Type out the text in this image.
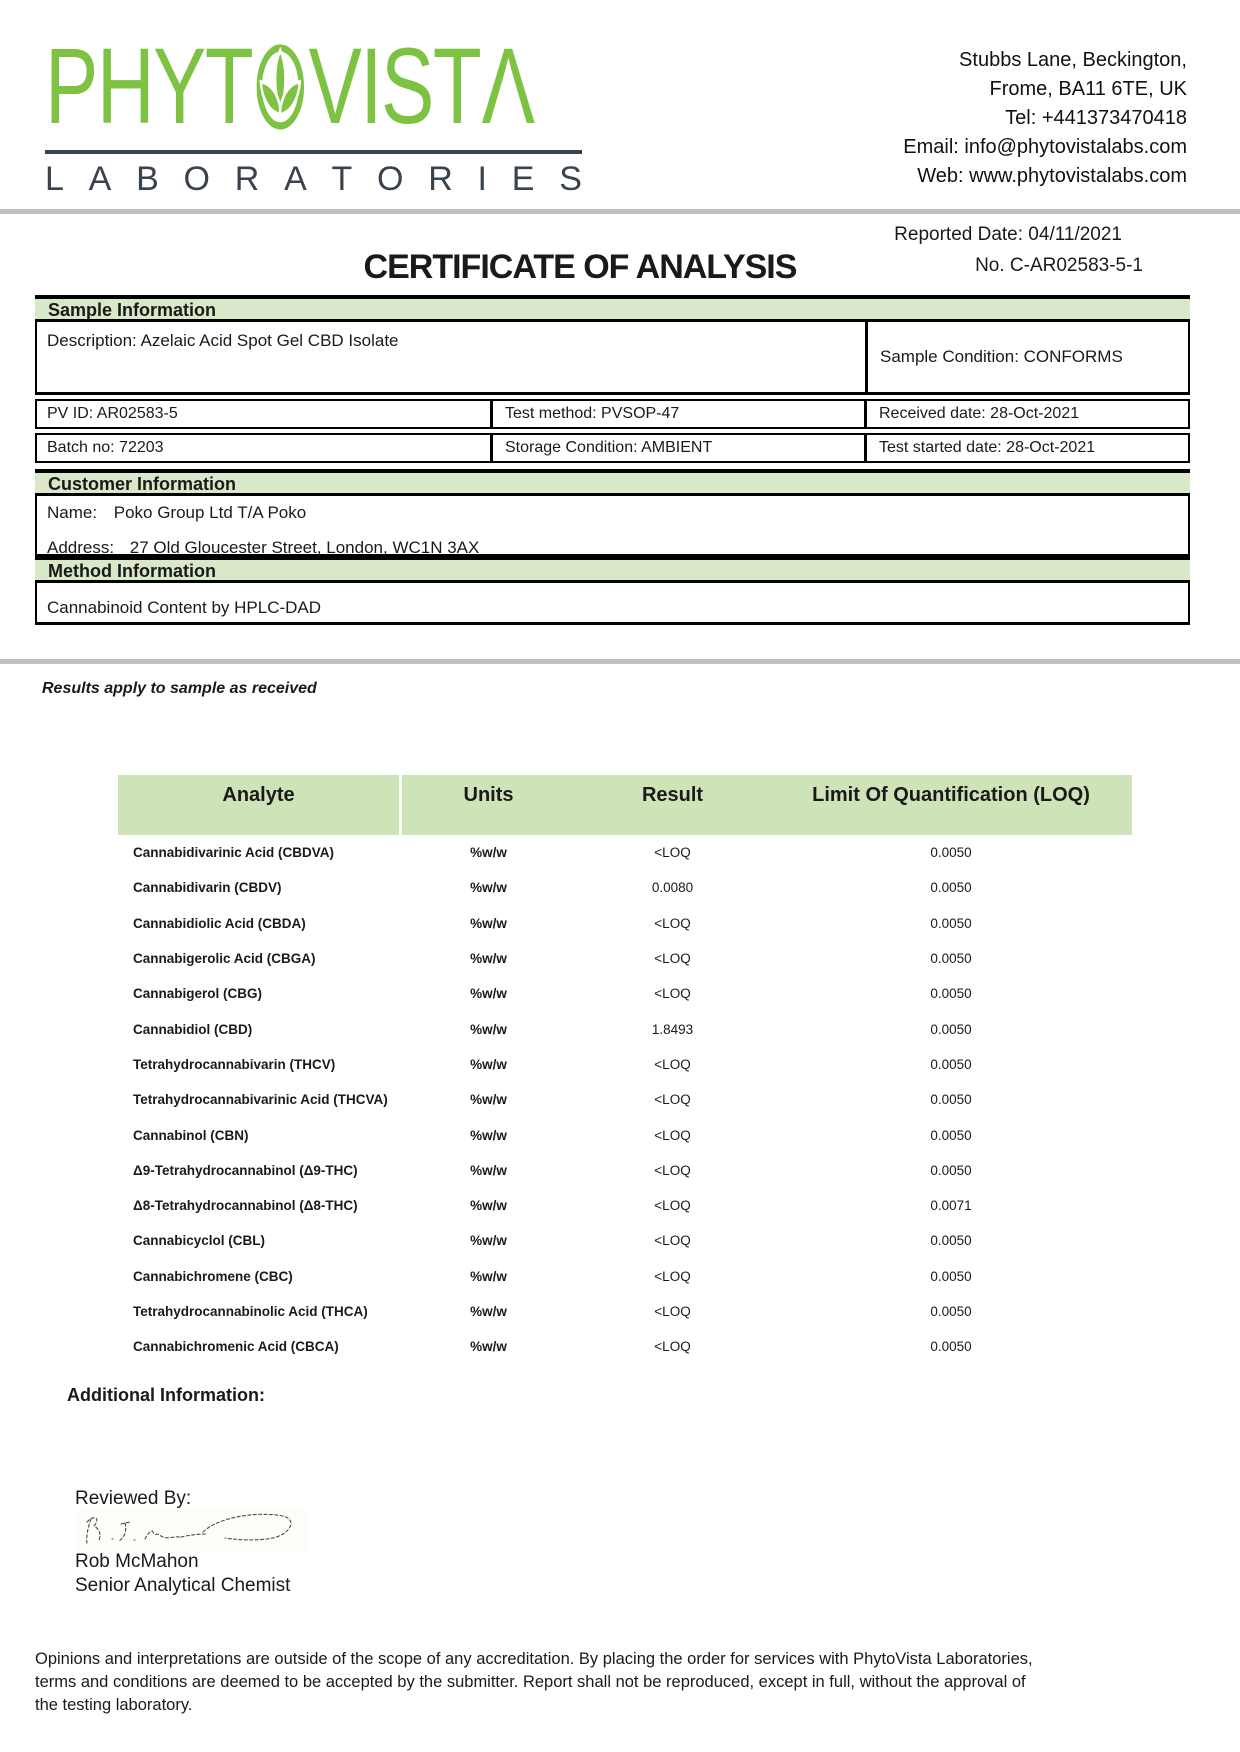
PHYT VIST Λ
L A B O R A T O R I E S
Stubbs Lane, Beckington,
Frome, BA11 6TE, UK
Tel: +441373470418
Email: info@phytovistalabs.com
Web: www.phytovistalabs.com
Reported Date: 04/11/2021
CERTIFICATE OF ANALYSIS	No. C-AR02583-5-1
Sample Information
Description: Azelaic Acid Spot Gel CBD Isolate
Sample Condition: CONFORMS
PV ID: AR02583-5	Test method: PVSOP-47	Received date: 28-Oct-2021
Batch no: 72203	Storage Condition: AMBIENT	Test started date: 28-Oct-2021
Customer Information
Name: Poko Group Ltd T/A Poko
Address: 27 Old Gloucester Street, London, WC1N 3AX
Method Information
Cannabinoid Content by HPLC-DAD
Results apply to sample as received
Analyte	Units	Result	Limit Of Quantification (LOQ)
Cannabidivarinic Acid (CBDVA)	%w/w	<LOQ	0.0050
Cannabidivarin (CBDV)	%w/w	0.0080	0.0050
Cannabidiolic Acid (CBDA)	%w/w	<LOQ	0.0050
Cannabigerolic Acid (CBGA)	%w/w	<LOQ	0.0050
Cannabigerol (CBG)	%w/w	<LOQ	0.0050
Cannabidiol (CBD)	%w/w	1.8493	0.0050
Tetrahydrocannabivarin (THCV)	%w/w	<LOQ	0.0050
Tetrahydrocannabivarinic Acid (THCVA)	%w/w	<LOQ	0.0050
Cannabinol (CBN)	%w/w	<LOQ	0.0050
Δ9-Tetrahydrocannabinol (Δ9-THC)	%w/w	<LOQ	0.0050
Δ8-Tetrahydrocannabinol (Δ8-THC)	%w/w	<LOQ	0.0071
Cannabicyclol (CBL)	%w/w	<LOQ	0.0050
Cannabichromene (CBC)	%w/w	<LOQ	0.0050
Tetrahydrocannabinolic Acid (THCA)	%w/w	<LOQ	0.0050
Cannabichromenic Acid (CBCA)	%w/w	<LOQ	0.0050
Additional Information:
Reviewed By:
Rob McMahon
Senior Analytical Chemist
Opinions and interpretations are outside of the scope of any accreditation. By placing the order for services with PhytoVista Laboratories,
terms and conditions are deemed to be accepted by the submitter. Report shall not be reproduced, except in full, without the approval of
the testing laboratory.
